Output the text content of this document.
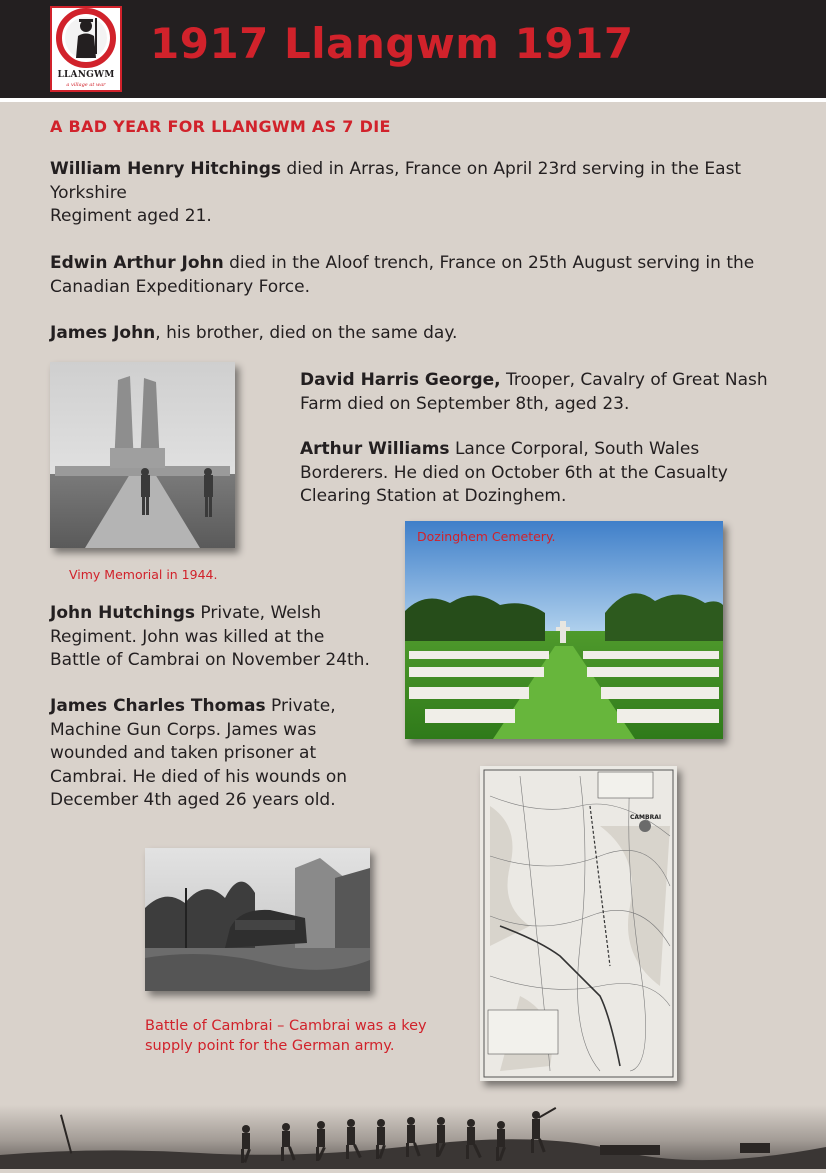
LLANGWM
a village at war
1917 Llangwm 1917
A BAD YEAR FOR LLANGWM AS 7 DIE
William Henry Hitchings died in Arras, France on April 23rd serving in the East
Yorkshire
Regiment aged 21.
Edwin Arthur John died in the Aloof trench, France on 25th August serving in the
Canadian Expeditionary Force.
James John, his brother, died on the same day.
Vimy Memorial in 1944.
David Harris George, Trooper, Cavalry of Great Nash
Farm died on September 8th, aged 23.
Arthur Williams Lance Corporal, South Wales
Borderers. He died on October 6th at the Casualty
Clearing Station at Dozinghem.
Dozinghem Cemetery.
John Hutchings Private, Welsh
Regiment. John was killed at the
Battle of Cambrai on November 24th.
James Charles Thomas Private,
Machine Gun Corps. James was
wounded and taken prisoner at
Cambrai. He died of his wounds on
December 4th aged 26 years old.
CAMBRAI
Battle of Cambrai – Cambrai was a key
supply point for the German army.
